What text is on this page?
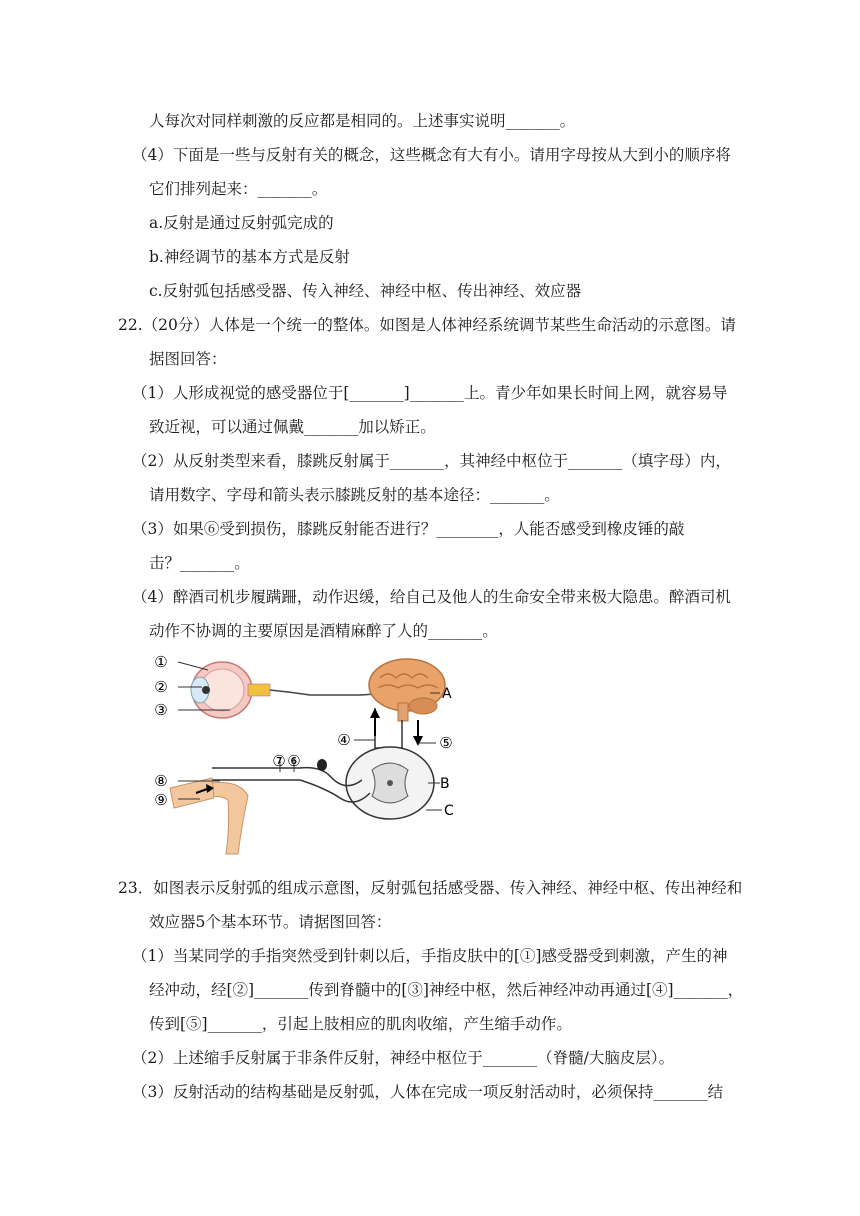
人每次对同样刺激的反应都是相同的。上述事实说明_______。
（4）下面是一些与反射有关的概念，这些概念有大有小。请用字母按从大到小的顺序将
它们排列起来：_______。
a.反射是通过反射弧完成的
b.神经调节的基本方式是反射
c.反射弧包括感受器、传入神经、神经中枢、传出神经、效应器
22.（20分）人体是一个统一的整体。如图是人体神经系统调节某些生命活动的示意图。请
据图回答：
（1）人形成视觉的感受器位于[_______]_______上。青少年如果长时间上网，就容易导
致近视，可以通过佩戴_______加以矫正。
（2）从反射类型来看，膝跳反射属于_______，其神经中枢位于_______（填字母）内，
请用数字、字母和箭头表示膝跳反射的基本途径：_______。
（3）如果⑥受到损伤，膝跳反射能否进行？________，人能否感受到橡皮锤的敲
击？_______。
（4）醉酒司机步履蹒跚，动作迟缓，给自己及他人的生命安全带来极大隐患。醉酒司机
动作不协调的主要原因是酒精麻醉了人的_______。
①
②
③
④	⑤
⑥
⑦
⑧
⑨
A
B
C
23．如图表示反射弧的组成示意图，反射弧包括感受器、传入神经、神经中枢、传出神经和
效应器5个基本环节。请据图回答：
（1）当某同学的手指突然受到针刺以后，手指皮肤中的[①]感受器受到刺激，产生的神
经冲动，经[②]_______传到脊髓中的[③]神经中枢，然后神经冲动再通过[④]_______，
传到[⑤]_______，引起上肢相应的肌肉收缩，产生缩手动作。
（2）上述缩手反射属于非条件反射，神经中枢位于_______（脊髓/大脑皮层）。
（3）反射活动的结构基础是反射弧，人体在完成一项反射活动时，必须保持_______结
